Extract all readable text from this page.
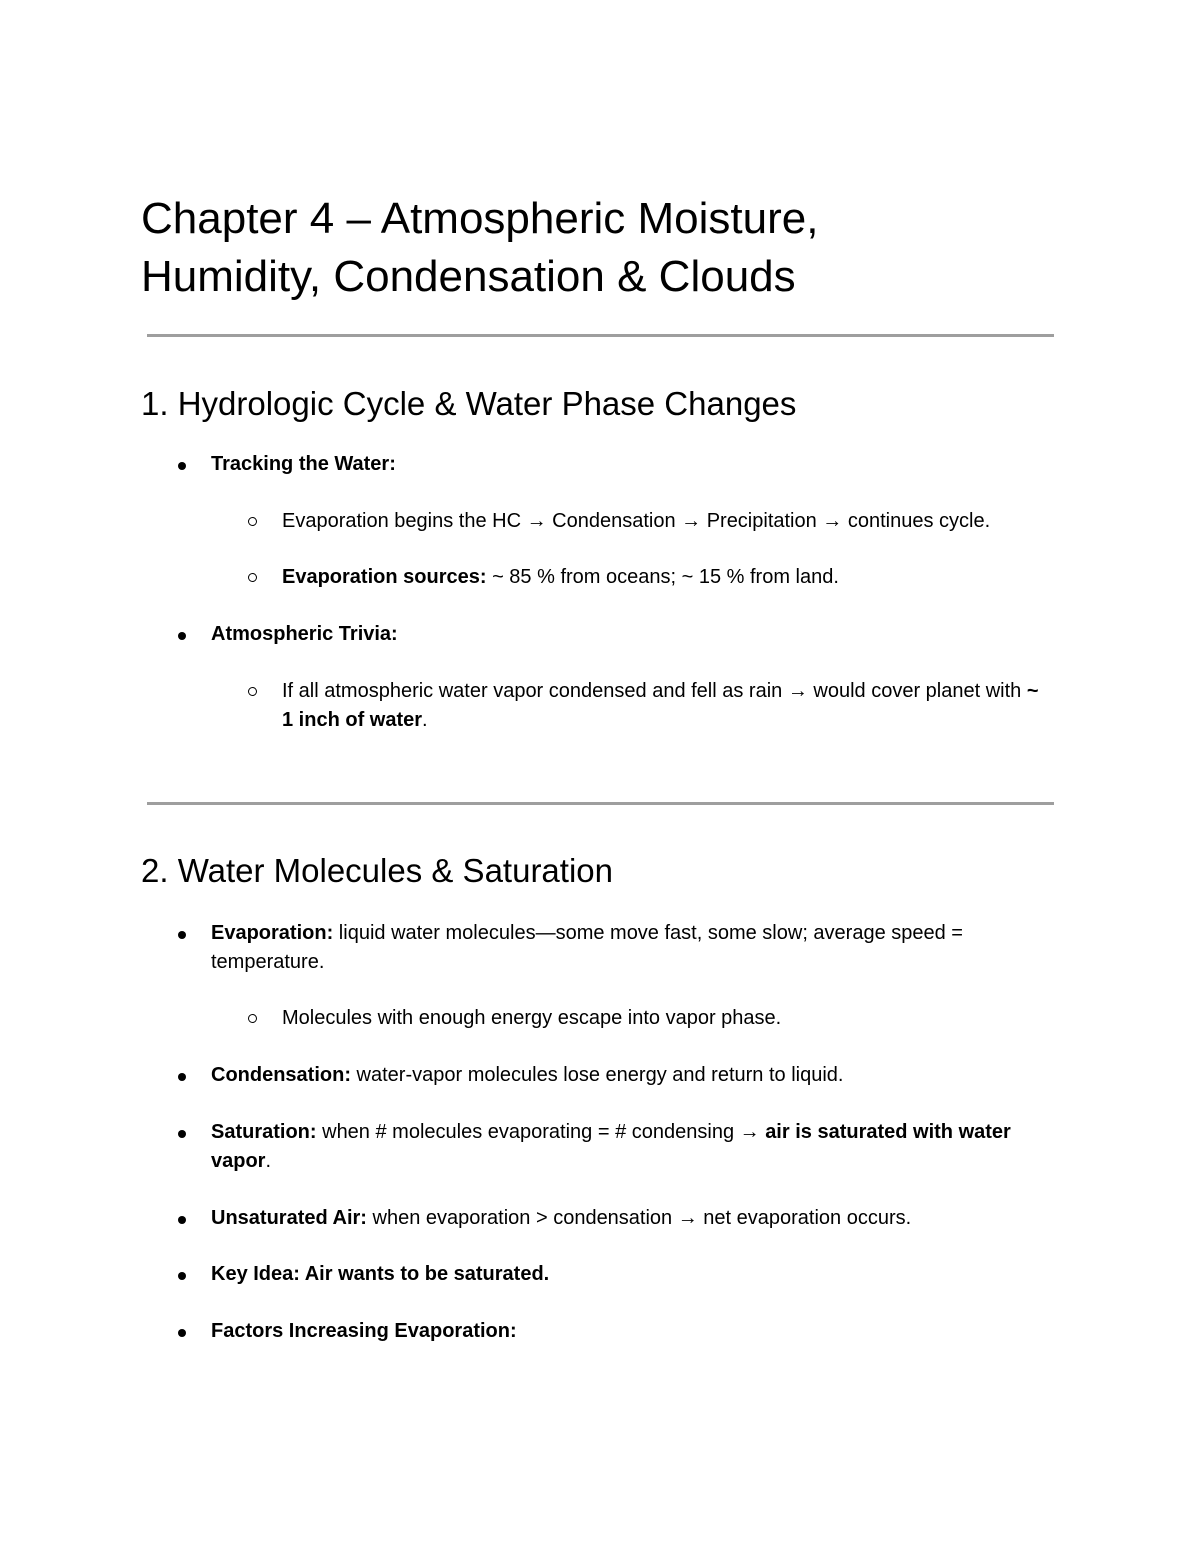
Chapter 4 – Atmospheric Moisture,
Humidity, Condensation & Clouds
1. Hydrologic Cycle & Water Phase Changes
Tracking the Water:
Evaporation begins the HC → Condensation → Precipitation → continues cycle.
Evaporation sources: ~ 85 % from oceans; ~ 15 % from land.
Atmospheric Trivia:
If all atmospheric water vapor condensed and fell as rain → would cover planet with ~ 1 inch of water.
2. Water Molecules & Saturation
Evaporation: liquid water molecules—some move fast, some slow; average speed = temperature.
Molecules with enough energy escape into vapor phase.
Condensation: water-vapor molecules lose energy and return to liquid.
Saturation: when # molecules evaporating = # condensing → air is saturated with water vapor.
Unsaturated Air: when evaporation > condensation → net evaporation occurs.
Key Idea: Air wants to be saturated.
Factors Increasing Evaporation:
